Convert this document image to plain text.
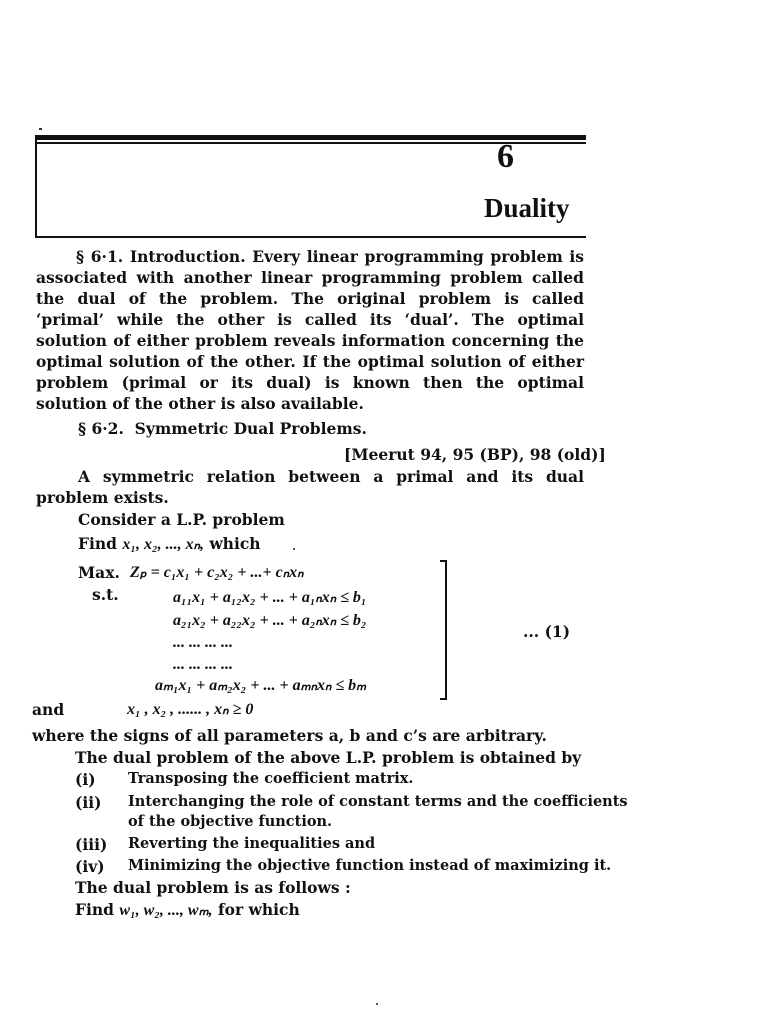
6
Duality
§ 6·1. Introduction. Every linear programming problem is associated with another linear programming problem called the dual of the problem. The original problem is called ‘primal’ while the other is called its ‘dual’. The optimal solution of either problem reveals information concerning the optimal solution of the other. If the optimal solution of either problem (primal or its dual) is known then the optimal solution of the other is also available.
§ 6·2. Symmetric Dual Problems.
[Meerut 94, 95 (BP), 98 (old)]
A symmetric relation between a primal and its dual problem exists.
Consider a L.P. problem
Find x₁, x₂, ..., xₙ, which
Max. Zₚ = c₁x₁ + c₂x₂ + ...+ cₙxₙ
s.t.	a₁₁x₁ + a₁₂x₂ + ... + a₁ₙxₙ ≤ b₁
a₂₁x₂ + a₂₂x₂ + ... + a₂ₙxₙ ≤ b₂
... ... ... ...
... ... ... ...
aₘ₁x₁ + aₘ₂x₂ + ... + aₘₙxₙ ≤ bₘ
... (1)
and	x₁ , x₂ , ...... , xₙ ≥ 0
where the signs of all parameters a, b and c’s are arbitrary.
The dual problem of the above L.P. problem is obtained by
(i) Transposing the coefficient matrix.
(ii) Interchanging the role of constant terms and the coefficients
of the objective function.
(iii) Reverting the inequalities and
(iv) Minimizing the objective function instead of maximizing it.
The dual problem is as follows :
Find w₁, w₂, ..., wₘ, for which
